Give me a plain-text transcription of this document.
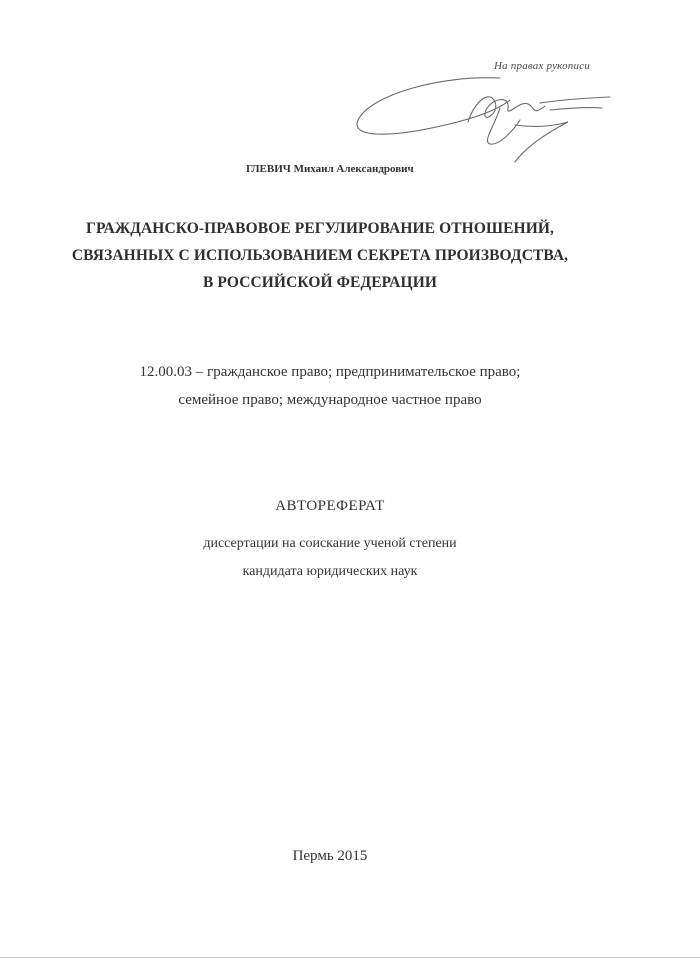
На правах рукописи
ГЛЕВИЧ Михаил Александрович
ГРАЖДАНСКО-ПРАВОВОЕ РЕГУЛИРОВАНИЕ ОТНОШЕНИЙ,
СВЯЗАННЫХ С ИСПОЛЬЗОВАНИЕМ СЕКРЕТА ПРОИЗВОДСТВА,
В РОССИЙСКОЙ ФЕДЕРАЦИИ
12.00.03 – гражданское право; предпринимательское право;
семейное право; международное частное право
АВТОРЕФЕРАТ
диссертации на соискание ученой степени
кандидата юридических наук
Пермь 2015
